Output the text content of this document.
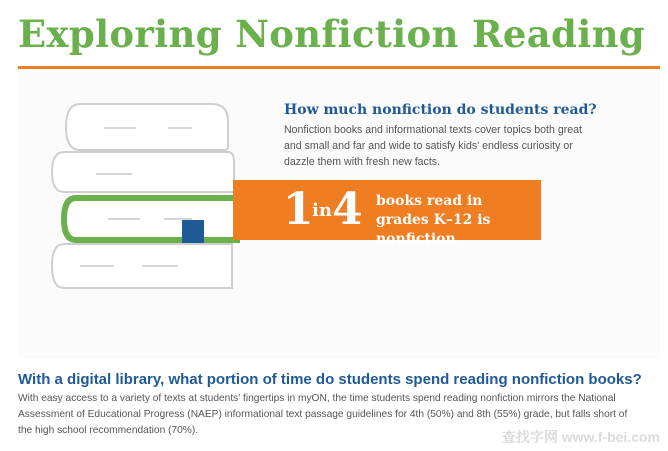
Exploring Nonfiction Reading
How much nonfiction do students read?
Nonfiction books and informational texts cover topics both great and small and far and wide to satisfy kids' endless curiosity or dazzle them with fresh new facts.
1
in 4 books read in grades K–12 is nonfiction.
With a digital library, what portion of time do students spend reading nonfiction books?
With easy access to a variety of texts at students' fingertips in myON, the time students spend reading nonfiction mirrors the National Assessment of Educational Progress (NAEP) informational text passage guidelines for 4th (50%) and 8th (55%) grade, but falls short of the high school recommendation (70%).	查找字网 www.f-bei.com
